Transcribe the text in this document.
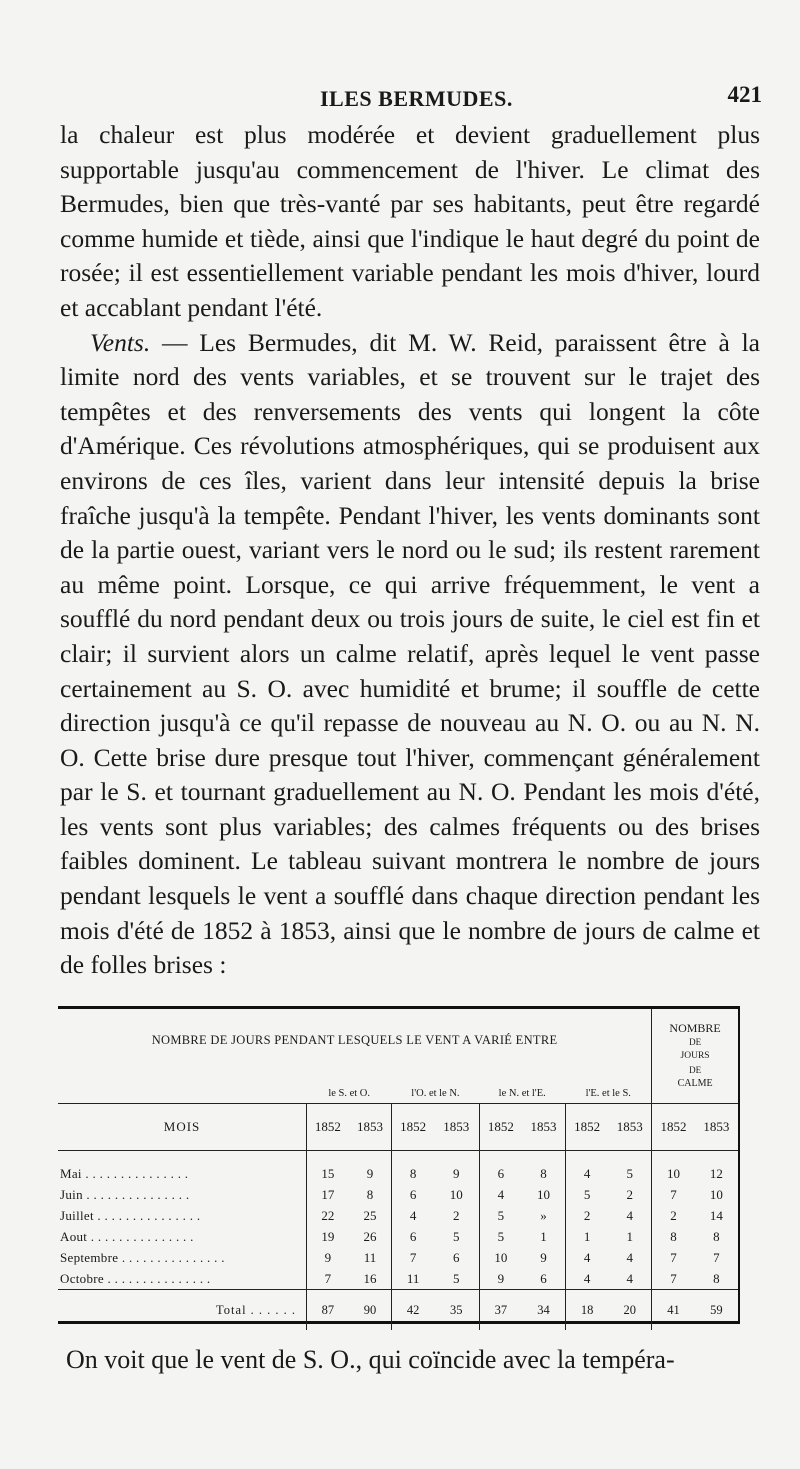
ILES BERMUDES.	421

la chaleur est plus modérée et devient graduellement plus supportable jusqu'au commencement de l'hiver. Le climat des Bermudes, bien que très-vanté par ses habitants, peut être regardé comme humide et tiède, ainsi que l'indique le haut degré du point de rosée; il est essentiellement variable pendant les mois d'hiver, lourd et accablant pendant l'été.

Vents. — Les Bermudes, dit M. W. Reid, paraissent être à la limite nord des vents variables, et se trouvent sur le trajet des tempêtes et des renversements des vents qui longent la côte d'Amérique. Ces révolutions atmosphériques, qui se produisent aux environs de ces îles, varient dans leur intensité depuis la brise fraîche jusqu'à la tempête. Pendant l'hiver, les vents dominants sont de la partie ouest, variant vers le nord ou le sud; ils restent rarement au même point. Lorsque, ce qui arrive fréquemment, le vent a soufflé du nord pendant deux ou trois jours de suite, le ciel est fin et clair; il survient alors un calme relatif, après lequel le vent passe certainement au S. O. avec humidité et brume; il souffle de cette direction jusqu'à ce qu'il repasse de nouveau au N. O. ou au N. N. O. Cette brise dure presque tout l'hiver, commençant généralement par le S. et tournant graduellement au N. O. Pendant les mois d'été, les vents sont plus variables; des calmes fréquents ou des brises faibles dominent. Le tableau suivant montrera le nombre de jours pendant lesquels le vent a soufflé dans chaque direction pendant les mois d'été de 1852 à 1853, ainsi que le nombre de jours de calme et de folles brises :

NOMBRE DE JOURS PENDANT LESQUELS LE VENT A VARIÉ ENTRE									NOMBRE
DE
JOURS
DE
CALME	

	le S. et O.		l'O. et le N.		le N. et l'E.		l'E. et le S.			
MOIS	1852	1853	1852	1853	1852	1853	1852	1853	1852	1853
Mai . . . . . . . . . . . . . . .	15	9	8	9	6	8	4	5	10	12
Juin . . . . . . . . . . . . . . .	17	8	6	10	4	10	5	2	7	10
Juillet . . . . . . . . . . . . . . .	22	25	4	2	5	»	2	4	2	14
Aout . . . . . . . . . . . . . . .	19	26	6	5	5	1	1	1	8	8
Septembre . . . . . . . . . . . . . . .	9	11	7	6	10	9	4	4	7	7
Octobre . . . . . . . . . . . . . . .	7	16	11	5	9	6	4	4	7	8
Total . . . . . .	87	90	42	35	37	34	18	20	41	59
On voit que le vent de S. O., qui coïncide avec la tempéra-
